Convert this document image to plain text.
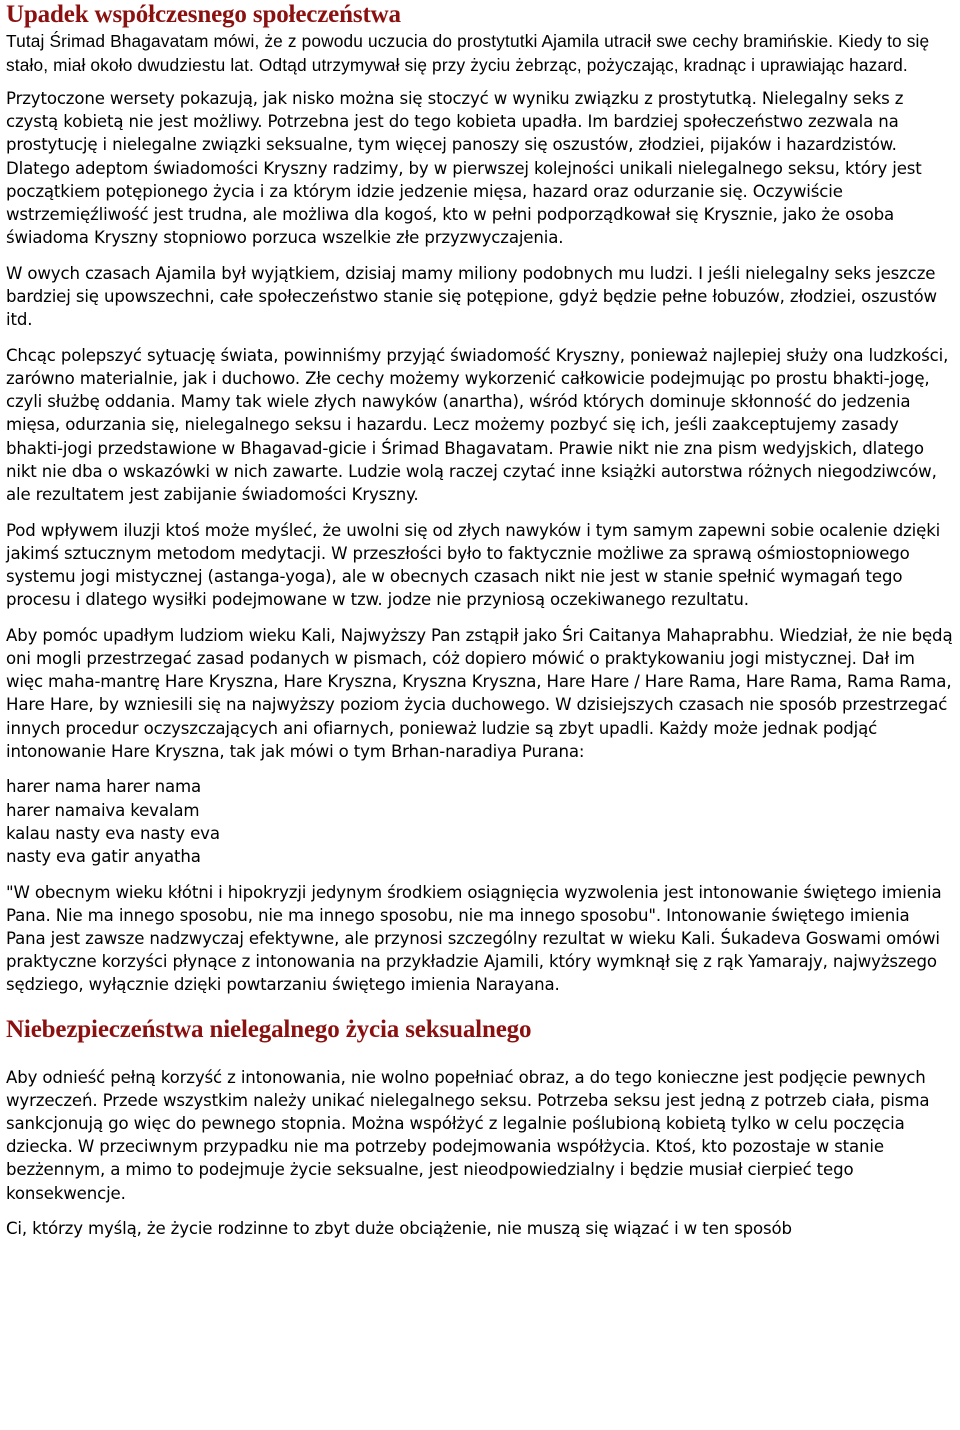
Upadek współczesnego społeczeństwa

Tutaj Śrimad Bhagavatam mówi, że z powodu uczucia do prostytutki Ajamila utracił swe cechy bramińskie. Kiedy to się stało, miał około dwudziestu lat. Odtąd utrzymywał się przy życiu żebrząc, pożyczając, kradnąc i uprawiając hazard.

Przytoczone wersety pokazują, jak nisko można się stoczyć w wyniku związku z prostytutką. Nielegalny seks z czystą kobietą nie jest możliwy. Potrzebna jest do tego kobieta upadła. Im bardziej społeczeństwo zezwala na prostytucję i nielegalne związki seksualne, tym więcej panoszy się oszustów, złodziei, pijaków i hazardzistów. Dlatego adeptom świadomości Kryszny radzimy, by w pierwszej kolejności unikali nielegalnego seksu, który jest początkiem potępionego życia i za którym idzie jedzenie mięsa, hazard oraz odurzanie się. Oczywiście wstrzemięźliwość jest trudna, ale możliwa dla kogoś, kto w pełni podporządkował się Krysznie, jako że osoba świadoma Kryszny stopniowo porzuca wszelkie złe przyzwyczajenia.

W owych czasach Ajamila był wyjątkiem, dzisiaj mamy miliony podobnych mu ludzi. I jeśli nielegalny seks jeszcze bardziej się upowszechni, całe społeczeństwo stanie się potępione, gdyż będzie pełne łobuzów, złodziei, oszustów itd.

Chcąc polepszyć sytuację świata, powinniśmy przyjąć świadomość Kryszny, ponieważ najlepiej służy ona ludzkości, zarówno materialnie, jak i duchowo. Złe cechy możemy wykorzenić całkowicie podejmując po prostu bhakti-jogę, czyli służbę oddania. Mamy tak wiele złych nawyków (anartha), wśród których dominuje skłonność do jedzenia mięsa, odurzania się, nielegalnego seksu i hazardu. Lecz możemy pozbyć się ich, jeśli zaakceptujemy zasady bhakti-jogi przedstawione w Bhagavad-gicie i Śrimad Bhagavatam. Prawie nikt nie zna pism wedyjskich, dlatego nikt nie dba o wskazówki w nich zawarte. Ludzie wolą raczej czytać inne książki autorstwa różnych niegodziwców, ale rezultatem jest zabijanie świadomości Kryszny.

Pod wpływem iluzji ktoś może myśleć, że uwolni się od złych nawyków i tym samym zapewni sobie ocalenie dzięki jakimś sztucznym metodom medytacji. W przeszłości było to faktycznie możliwe za sprawą ośmiostopniowego systemu jogi mistycznej (astanga-yoga), ale w obecnych czasach nikt nie jest w stanie spełnić wymagań tego procesu i dlatego wysiłki podejmowane w tzw. jodze nie przyniosą oczekiwanego rezultatu.

Aby pomóc upadłym ludziom wieku Kali, Najwyższy Pan zstąpił jako Śri Caitanya Mahaprabhu. Wiedział, że nie będą oni mogli przestrzegać zasad podanych w pismach, cóż dopiero mówić o praktykowaniu jogi mistycznej. Dał im więc maha-mantrę Hare Kryszna, Hare Kryszna, Kryszna Kryszna, Hare Hare / Hare Rama, Hare Rama, Rama Rama, Hare Hare, by wzniesili się na najwyższy poziom życia duchowego. W dzisiejszych czasach nie sposób przestrzegać innych procedur oczyszczających ani ofiarnych, ponieważ ludzie są zbyt upadli. Każdy może jednak podjąć intonowanie Hare Kryszna, tak jak mówi o tym Brhan-naradiya Purana:

harer nama harer nama
harer namaiva kevalam
kalau nasty eva nasty eva
nasty eva gatir anyatha

"W obecnym wieku kłótni i hipokryzji jedynym środkiem osiągnięcia wyzwolenia jest intonowanie świętego imienia Pana. Nie ma innego sposobu, nie ma innego sposobu, nie ma innego sposobu". Intonowanie świętego imienia Pana jest zawsze nadzwyczaj efektywne, ale przynosi szczególny rezultat w wieku Kali. Śukadeva Goswami omówi praktyczne korzyści płynące z intonowania na przykładzie Ajamili, który wymknął się z rąk Yamarajy, najwyższego sędziego, wyłącznie dzięki powtarzaniu świętego imienia Narayana.

Niebezpieczeństwa nielegalnego życia seksualnego

Aby odnieść pełną korzyść z intonowania, nie wolno popełniać obraz, a do tego konieczne jest podjęcie pewnych wyrzeczeń. Przede wszystkim należy unikać nielegalnego seksu. Potrzeba seksu jest jedną z potrzeb ciała, pisma sankcjonują go więc do pewnego stopnia. Można współżyć z legalnie poślubioną kobietą tylko w celu poczęcia dziecka. W przeciwnym przypadku nie ma potrzeby podejmowania współżycia. Ktoś, kto pozostaje w stanie bezżennym, a mimo to podejmuje życie seksualne, jest nieodpowiedzialny i będzie musiał cierpieć tego konsekwencje.

Ci, którzy myślą, że życie rodzinne to zbyt duże obciążenie, nie muszą się wiązać i w ten sposób
